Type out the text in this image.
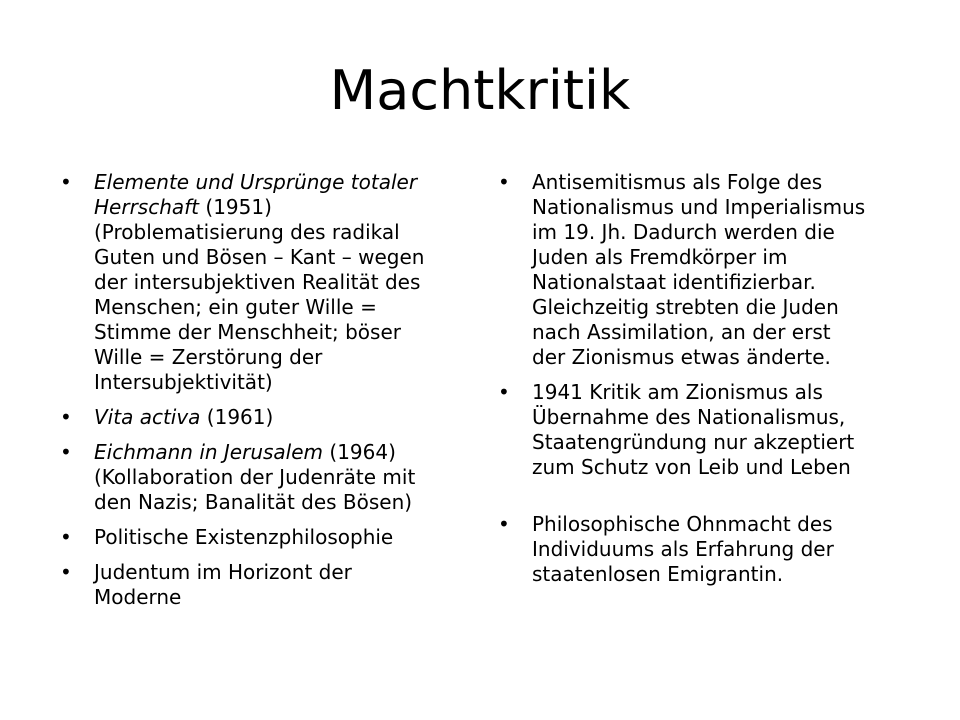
Machtkritik
• Elemente und Ursprünge totaler Herrschaft (1951) (Problematisierung des radikal Guten und Bösen – Kant – wegen der intersubjektiven Realität des Menschen; ein guter Wille = Stimme der Menschheit; böser Wille = Zerstörung der Intersubjektivität)
• Vita activa (1961)
• Eichmann in Jerusalem (1964) (Kollaboration der Judenräte mit den Nazis; Banalität des Bösen)
• Politische Existenzphilosophie
• Judentum im Horizont der Moderne
• Antisemitismus als Folge des Nationalismus und Imperialismus im 19. Jh. Dadurch werden die Juden als Fremdkörper im Nationalstaat identifizierbar. Gleichzeitig strebten die Juden nach Assimilation, an der erst der Zionismus etwas änderte.
• 1941 Kritik am Zionismus als Übernahme des Nationalismus, Staatengründung nur akzeptiert zum Schutz von Leib und Leben
• Philosophische Ohnmacht des Individuums als Erfahrung der staatenlosen Emigrantin.
